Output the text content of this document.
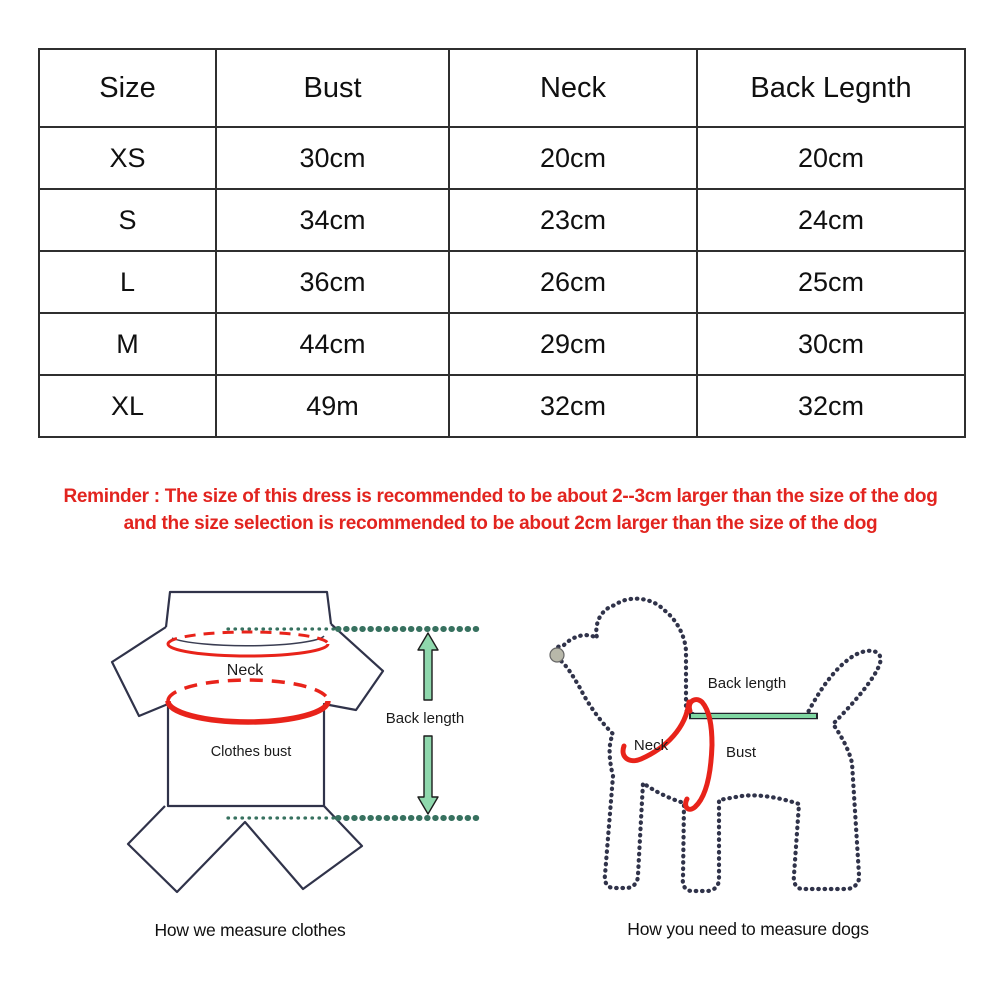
Size	Bust	Neck	Back Legnth
XS	30cm	20cm	20cm
S	34cm	23cm	24cm
L	36cm	26cm	25cm
M	44cm	29cm	30cm
XL	49m	32cm	32cm
Reminder : The size of this dress is recommended to be about 2--3cm larger than the size of the dog
and the size selection is recommended to be about 2cm larger than the size of the dog
Neck
Clothes bust
Back length
Back length
Neck	Bust
How we measure clothes	How you need to measure dogs
